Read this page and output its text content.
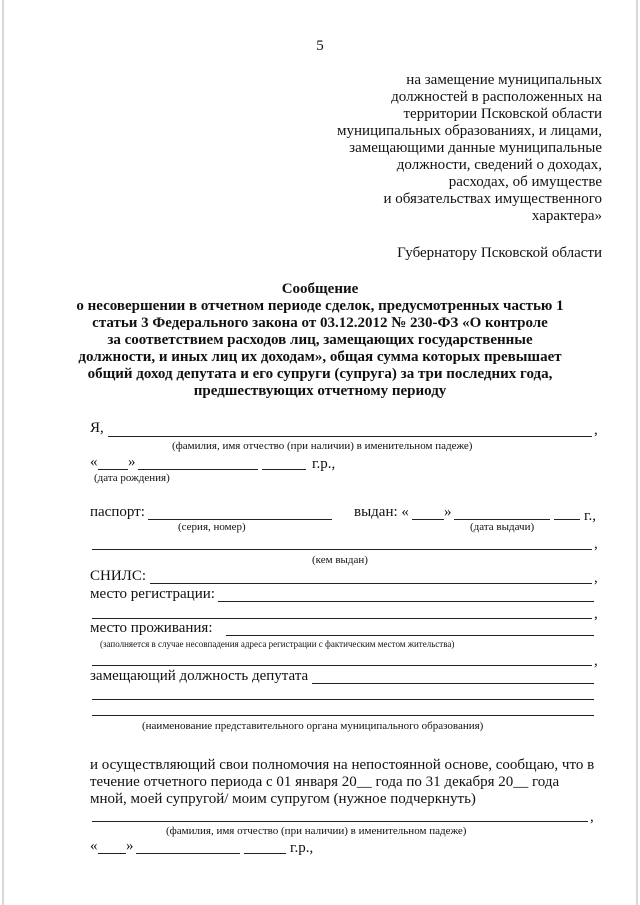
5
на замещение муниципальных
должностей в расположенных на
территории Псковской области
муниципальных образованиях, и лицами,
замещающими данные муниципальные
должности, сведений о доходах,
расходах, об имуществе
и обязательствах имущественного
характера»
Губернатору Псковской области
Сообщение
о несовершении в отчетном периоде сделок, предусмотренных частью 1
статьи 3 Федерального закона от 03.12.2012 № 230-ФЗ «О контроле
за соответствием расходов лиц, замещающих государственные
должности, и иных лиц их доходам», общая сумма которых превышает
общий доход депутата и его супруги (супруга) за три последних года,
предшествующих отчетному периоду
Я,	,
(фамилия, имя отчество (при наличии) в именительном падеже)
« »	г.р.,
(дата рождения)
паспорт:	выдан: « »	г.,
(серия, номер)	(дата выдачи)
,
(кем выдан)
СНИЛС:	,
место регистрации:
,
место проживания:
(заполняется в случае несовпадения адреса регистрации с фактическим местом жительства)
,
замещающий должность депутата
(наименование представительного органа муниципального образования)
и осуществляющий свои полномочия на непостоянной основе, сообщаю, что в
течение отчетного периода с 01 января 20__ года по 31 декабря 20__ года
мной, моей супругой/ моим супругом (нужное подчеркнуть)
,
(фамилия, имя отчество (при наличии) в именительном падеже)
« »	г.р.,
